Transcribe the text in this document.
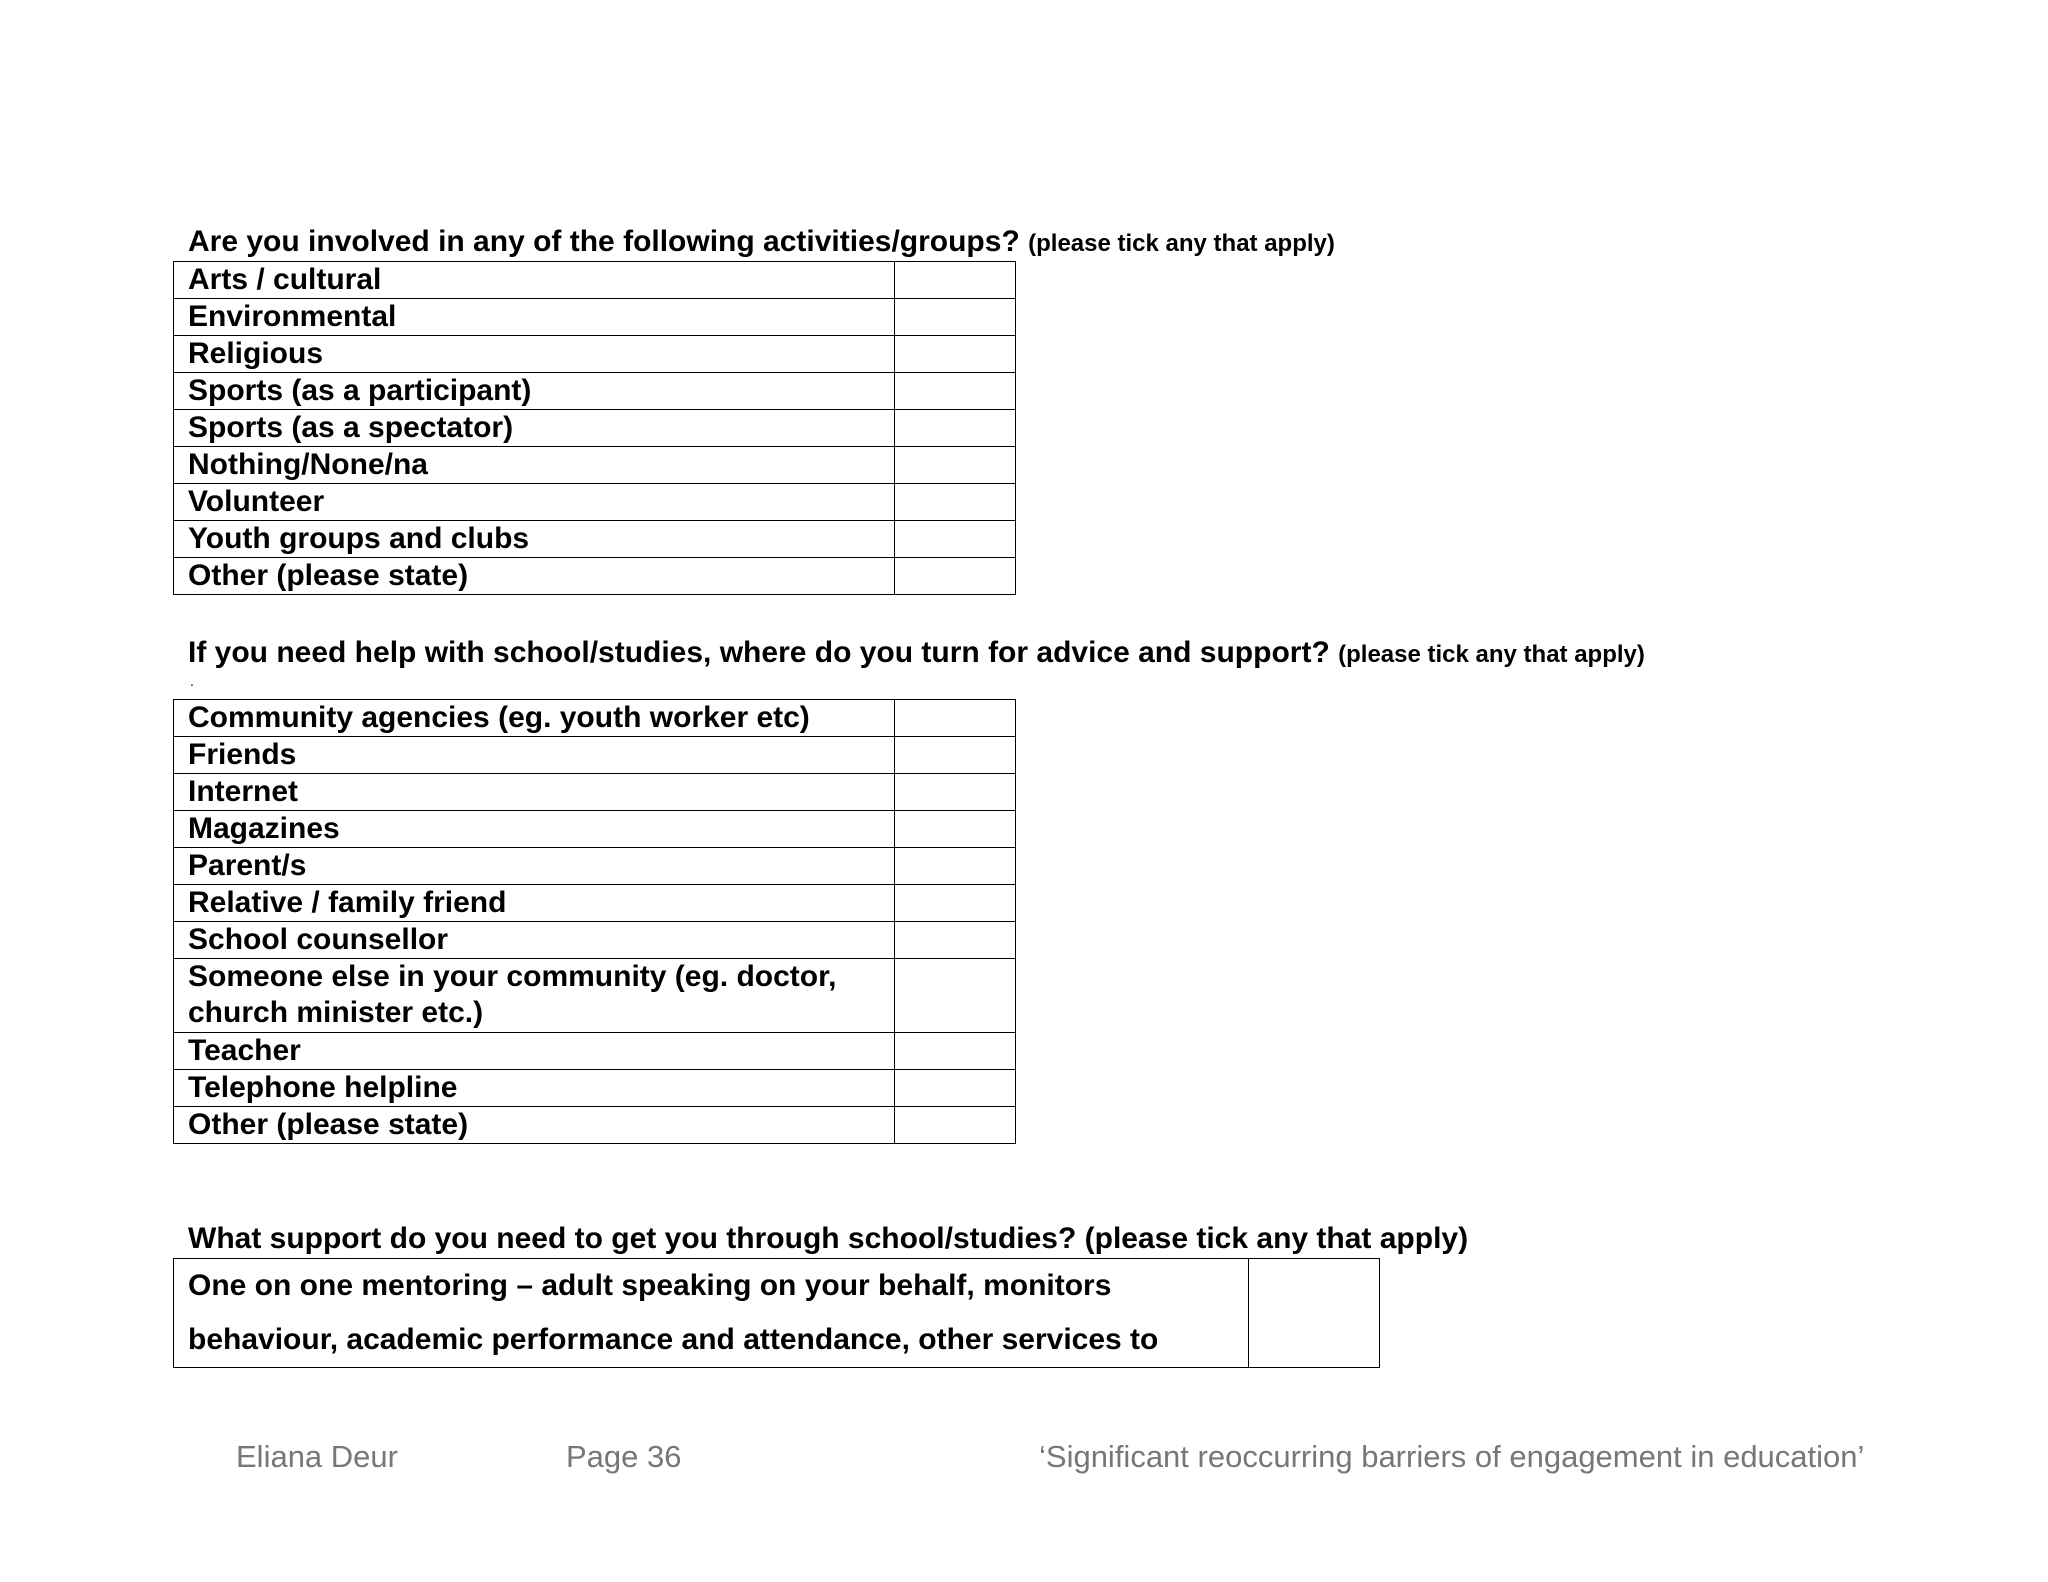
Are you involved in any of the following activities/groups? (please tick any that apply)
Arts / cultural	
Environmental	
Religious	
Sports (as a participant)	
Sports (as a spectator)	
Nothing/None/na	
Volunteer	
Youth groups and clubs	
Other (please state)	
If you need help with school/studies, where do you turn for advice and support? (please tick any that apply)
.
Community agencies (eg. youth worker etc)	
Friends	
Internet	
Magazines	
Parent/s	
Relative / family friend	
School counsellor	
Someone else in your community (eg. doctor, church minister etc.)	
Teacher	
Telephone helpline	
Other (please state)	
What support do you need to get you through school/studies? (please tick any that apply)
One on one mentoring – adult speaking on your behalf, monitors behaviour, academic performance and attendance, other services to	
Eliana Deur	Page 36	‘Significant reoccurring barriers of engagement in education’
